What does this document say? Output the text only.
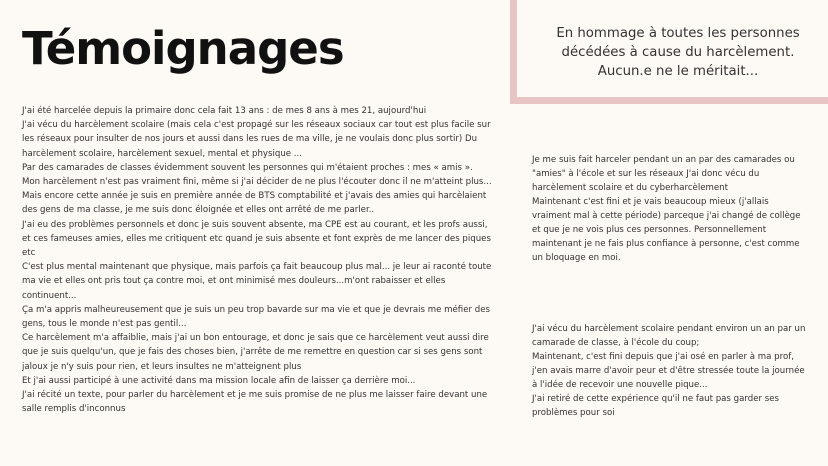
Témoignages	En hommage à toutes les personnes
décédées à cause du harcèlement.
Aucun.e ne le méritait...

J'ai été harcelée depuis la primaire donc cela fait 13 ans : de mes 8 ans à mes 21, aujourd'hui

J'ai vécu du harcèlement scolaire (mais cela c'est propagé sur les réseaux sociaux car tout est plus facile sur les réseaux pour insulter de nos jours et aussi dans les rues de ma ville, je ne voulais donc plus sortir) Du harcèlement scolaire, harcèlement sexuel, mental et physique ...

Par des camarades de classes évidemment souvent les personnes qui m'étaient proches : mes « amis ».

Mon harcèlement n'est pas vraiment fini, même si j'ai décider de ne plus l'écouter donc il ne m'atteint plus... Mais encore cette année je suis en première année de BTS comptabilité et j'avais des amies qui harcèlaient des gens de ma classe, je me suis donc éloignée et elles ont arrêté de me parler..

J'ai eu des problèmes personnels et donc je suis souvent absente, ma CPE est au courant, et les profs aussi, et ces fameuses amies, elles me critiquent etc quand je suis absente et font exprès de me lancer des piques etc

C'est plus mental maintenant que physique, mais parfois ça fait beaucoup plus mal... je leur ai raconté toute ma vie et elles ont pris tout ça contre moi, et ont minimisé mes douleurs...m'ont rabaisser et elles continuent...

Ça m'a appris malheureusement que je suis un peu trop bavarde sur ma vie et que je devrais me méfier des gens, tous le monde n'est pas gentil...

Ce harcèlement m'a affaiblie, mais j'ai un bon entourage, et donc je sais que ce harcèlement veut aussi dire que je suis quelqu'un, que je fais des choses bien, j'arrête de me remettre en question car si ses gens sont jaloux je n'y suis pour rien, et leurs insultes ne m'atteignent plus

Et j'ai aussi participé à une activité dans ma mission locale afin de laisser ça derrière moi...

J'ai récité un texte, pour parler du harcèlement et je me suis promise de ne plus me laisser faire devant une salle remplis d'inconnus

Je me suis fait harceler pendant un an par des camarades ou "amies" à l'école et sur les réseaux J'ai donc vécu du harcèlement scolaire et du cyberharcèlement

Maintenant c'est fini et je vais beaucoup mieux (j'allais vraiment mal à cette période) parceque j'ai changé de collège et que je ne vois plus ces personnes. Personnellement maintenant je ne fais plus confiance à personne, c'est comme un bloquage en moi.

J'ai vécu du harcèlement scolaire pendant environ un an par un camarade de classe, à l'école du coup;

Maintenant, c'est fini depuis que j'ai osé en parler à ma prof, j'en avais marre d'avoir peur et d'être stressée toute la journée à l'idée de recevoir une nouvelle pique...

J'ai retiré de cette expérience qu'il ne faut pas garder ses problèmes pour soi
